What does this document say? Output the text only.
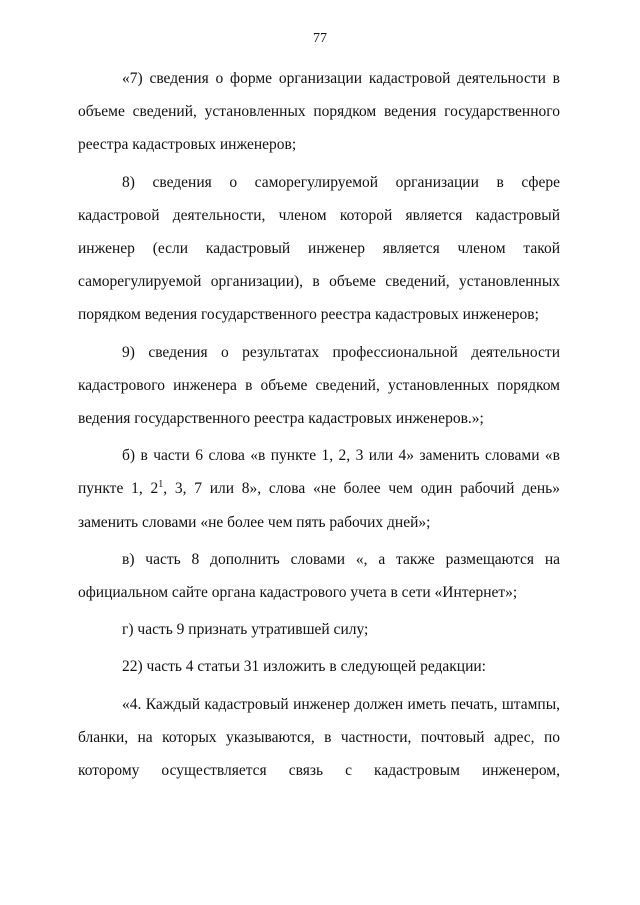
77

«7) сведения о форме организации кадастровой деятельности в объеме сведений, установленных порядком ведения государственного реестра кадастровых инженеров;

8) сведения о саморегулируемой организации в сфере кадастровой деятельности, членом которой является кадастровый инженер (если кадастровый инженер является членом такой саморегулируемой организации), в объеме сведений, установленных порядком ведения государственного реестра кадастровых инженеров;

9) сведения о результатах профессиональной деятельности кадастрового инженера в объеме сведений, установленных порядком ведения государственного реестра кадастровых инженеров.»;

б) в части 6 слова «в пункте 1, 2, 3 или 4» заменить словами «в пункте 1, $2^1$, 3, 7 или 8», слова «не более чем один рабочий день» заменить словами «не более чем пять рабочих дней»;

в) часть 8 дополнить словами «, а также размещаются на официальном сайте органа кадастрового учета в сети «Интернет»;

г) часть 9 признать утратившей силу;

22) часть 4 статьи 31 изложить в следующей редакции:

«4. Каждый кадастровый инженер должен иметь печать, штампы, бланки, на которых указываются, в частности, почтовый адрес, по которому осуществляется связь с кадастровым инженером,
